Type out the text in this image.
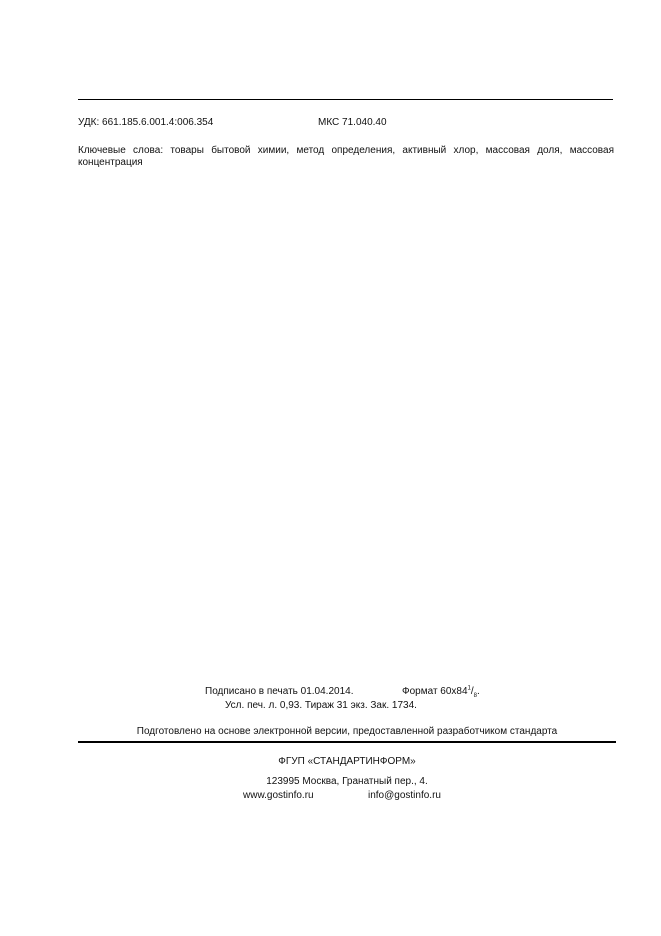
УДК: 661.185.6.001.4:006.354	МКС 71.040.40
Ключевые слова: товары бытовой химии, метод определения, активный хлор, массовая доля, массовая концентрация
Подписано в печать 01.04.2014.	Формат $60х84^1/_8$.
Усл. печ. л. 0,93. Тираж 31 экз. Зак. 1734.
Подготовлено на основе электронной версии, предоставленной разработчиком стандарта
ФГУП «СТАНДАРТИНФОРМ»
123995 Москва, Гранатный пер., 4.
www.gostinfo.ru	info@gostinfo.ru
